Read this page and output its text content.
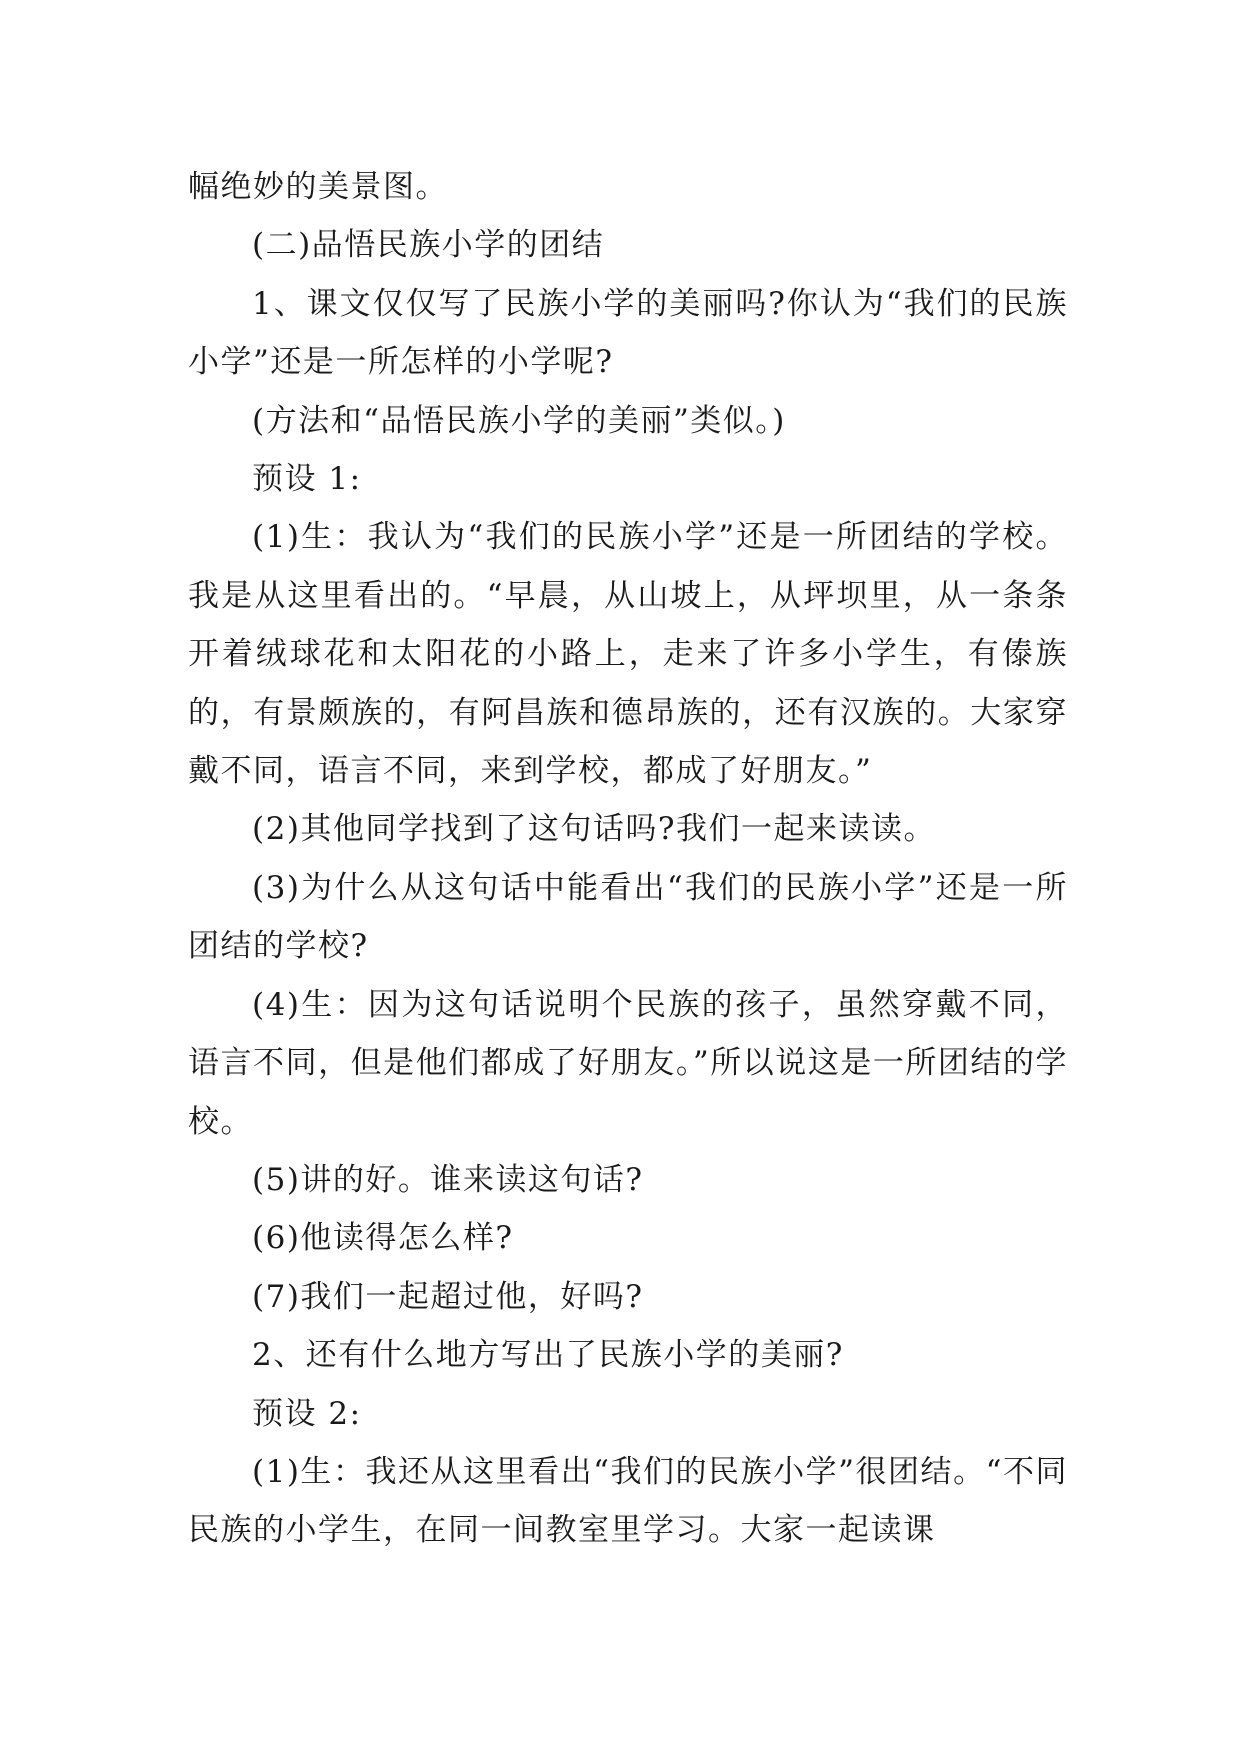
幅绝妙的美景图。

(二)品悟民族小学的团结

1、课文仅仅写了民族小学的美丽吗?你认为“我们的民族小学”还是一所怎样的小学呢?

(方法和“品悟民族小学的美丽”类似。)

预设 1:

(1)生：我认为“我们的民族小学”还是一所团结的学校。我是从这里看出的。“早晨，从山坡上，从坪坝里，从一条条开着绒球花和太阳花的小路上，走来了许多小学生，有傣族的，有景颇族的，有阿昌族和德昂族的，还有汉族的。大家穿戴不同，语言不同，来到学校，都成了好朋友。”

(2)其他同学找到了这句话吗?我们一起来读读。

(3)为什么从这句话中能看出“我们的民族小学”还是一所团结的学校?

(4)生：因为这句话说明个民族的孩子，虽然穿戴不同，语言不同，但是他们都成了好朋友。”所以说这是一所团结的学校。

(5)讲的好。谁来读这句话?

(6)他读得怎么样?

(7)我们一起超过他，好吗?

2、还有什么地方写出了民族小学的美丽?

预设 2:

(1)生：我还从这里看出“我们的民族小学”很团结。“不同民族的小学生，在同一间教室里学习。大家一起读课
